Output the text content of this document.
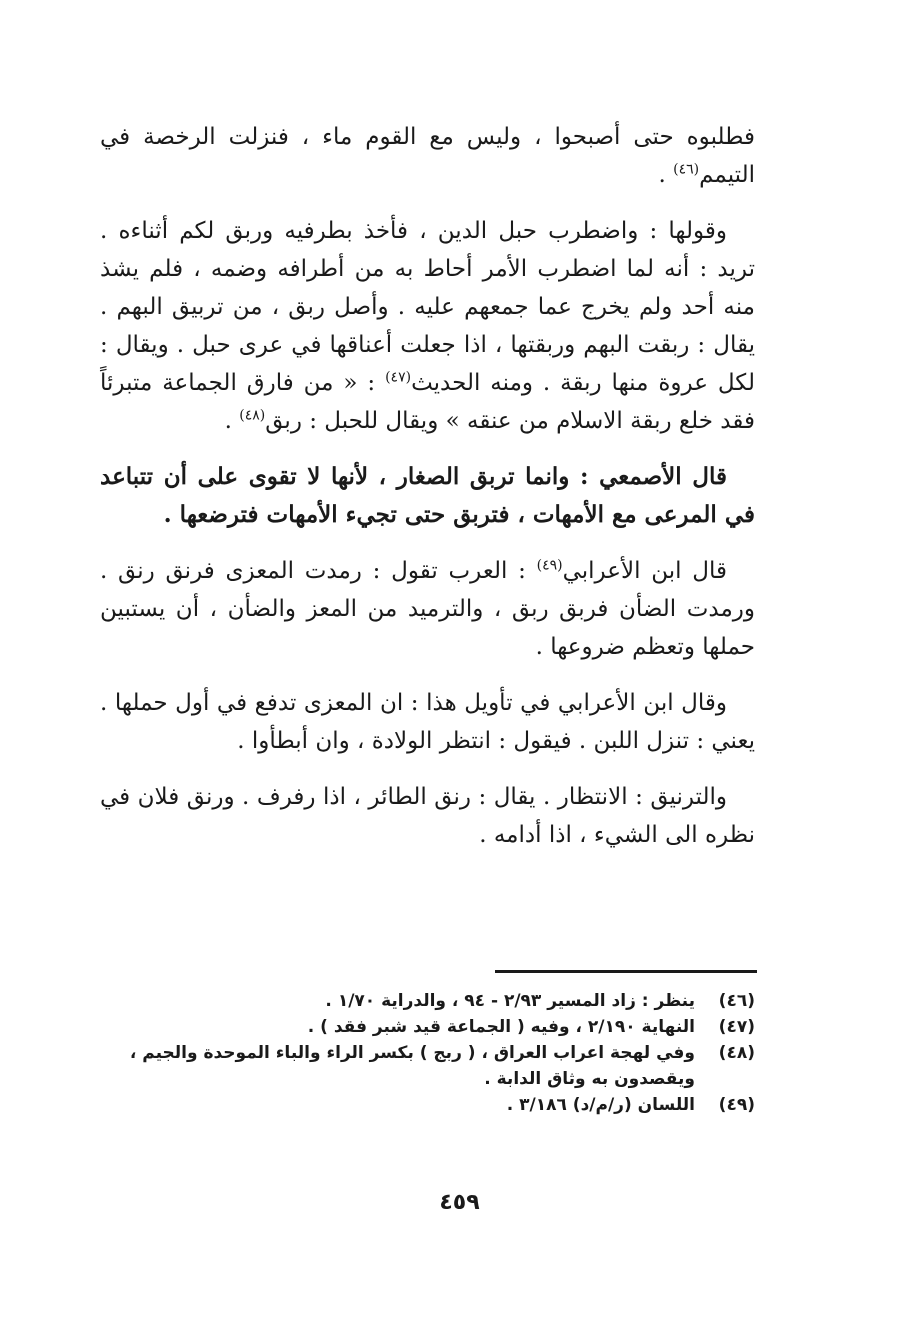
فطلبوه حتى أصبحوا ، وليس مع القوم ماء ، فنزلت الرخصة في التيمم$^{(٤٦)}$ .

وقولها : واضطرب حبل الدين ، فأخذ بطرفيه وربق لكم أثناءه . تريد : أنه لما اضطرب الأمر أحاط به من أطرافه وضمه ، فلم يشذ منه أحد ولم يخرج عما جمعهم عليه . وأصل ربق ، من تربيق البهم . يقال : ربقت البهم وربقتها ، اذا جعلت أعناقها في عرى حبل . ويقال : لكل عروة منها ربقة . ومنه الحديث$^{(٤٧)}$ : « من فارق الجماعة متبرئاً فقد خلع ربقة الاسلام من عنقه » ويقال للحبل : ربق$^{(٤٨)}$ .

قال الأصمعي : وانما تربق الصغار ، لأنها لا تقوى على أن تتباعد في المرعى مع الأمهات ، فتربق حتى تجيء الأمهات فترضعها .

قال ابن الأعرابي$^{(٤٩)}$ : العرب تقول : رمدت المعزى فرنق رنق . ورمدت الضأن فربق ربق ، والترميد من المعز والضأن ، أن يستبين حملها وتعظم ضروعها .

وقال ابن الأعرابي في تأويل هذا : ان المعزى تدفع في أول حملها . يعني : تنزل اللبن . فيقول : انتظر الولادة ، وان أبطأوا .

والترنيق : الانتظار . يقال : رنق الطائر ، اذا رفرف . ورنق فلان في نظره الى الشيء ، اذا أدامه .

(٤٦)
ينظر : زاد المسير ٢/٩٣ - ٩٤ ، والدراية ١/٧٠ .
(٤٧)
النهاية ٢/١٩٠ ، وفيه ( الجماعة قيد شبر فقد ) .
(٤٨)
وفي لهجة اعراب العراق ، ( ربج ) بكسر الراء والباء الموحدة والجيم ، ويقصدون به وثاق الدابة .
(٤٩)
اللسان (ر/م/د) ٣/١٨٦ .
٤٥٩
